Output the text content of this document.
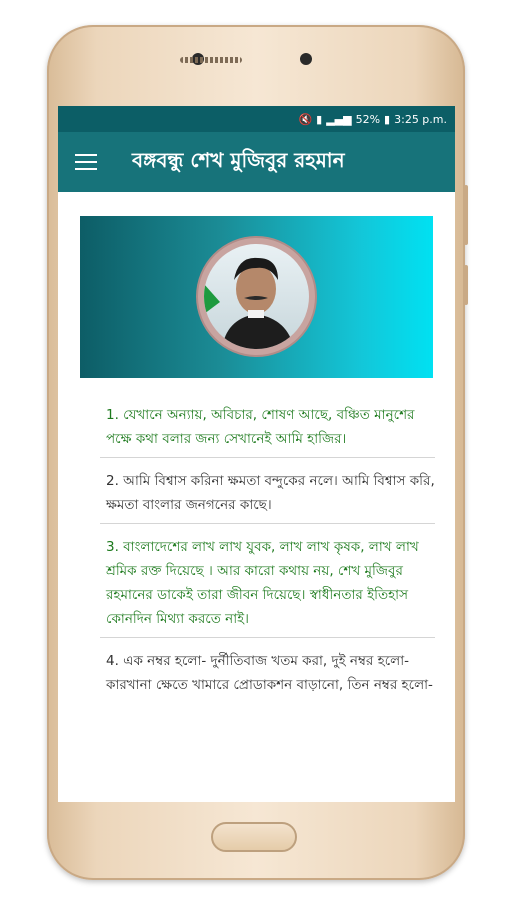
🔇 ▮ ▂▄▆ 52% ▮ 3:25 p.m.
বঙ্গবন্ধু শেখ মুজিবুর রহমান

1. যেখানে অন্যায়, অবিচার, শোষণ আছে, বঞ্চিত মানুশের পক্ষে কথা বলার জন্য সেখানেই আমি হাজির।

2. আমি বিশ্বাস করিনা ক্ষমতা বন্দুকের নলে। আমি বিশ্বাস করি, ক্ষমতা বাংলার জনগনের কাছে।

3. বাংলাদেশের লাখ লাখ যুবক, লাখ লাখ কৃষক, লাখ লাখ শ্রমিক রক্ত দিয়েছে । আর কারো কথায় নয়, শেখ মুজিবুর রহমানের ডাকেই তারা জীবন দিয়েছে। স্বাধীনতার ইতিহাস কোনদিন মিথ্যা করতে নাই।

4. এক নম্বর হলো- দুর্নীতিবাজ খতম করা, দুই নম্বর হলো-কারখানা ক্ষেতে খামারে প্রোডাকশন বাড়ানো, তিন নম্বর হলো-
